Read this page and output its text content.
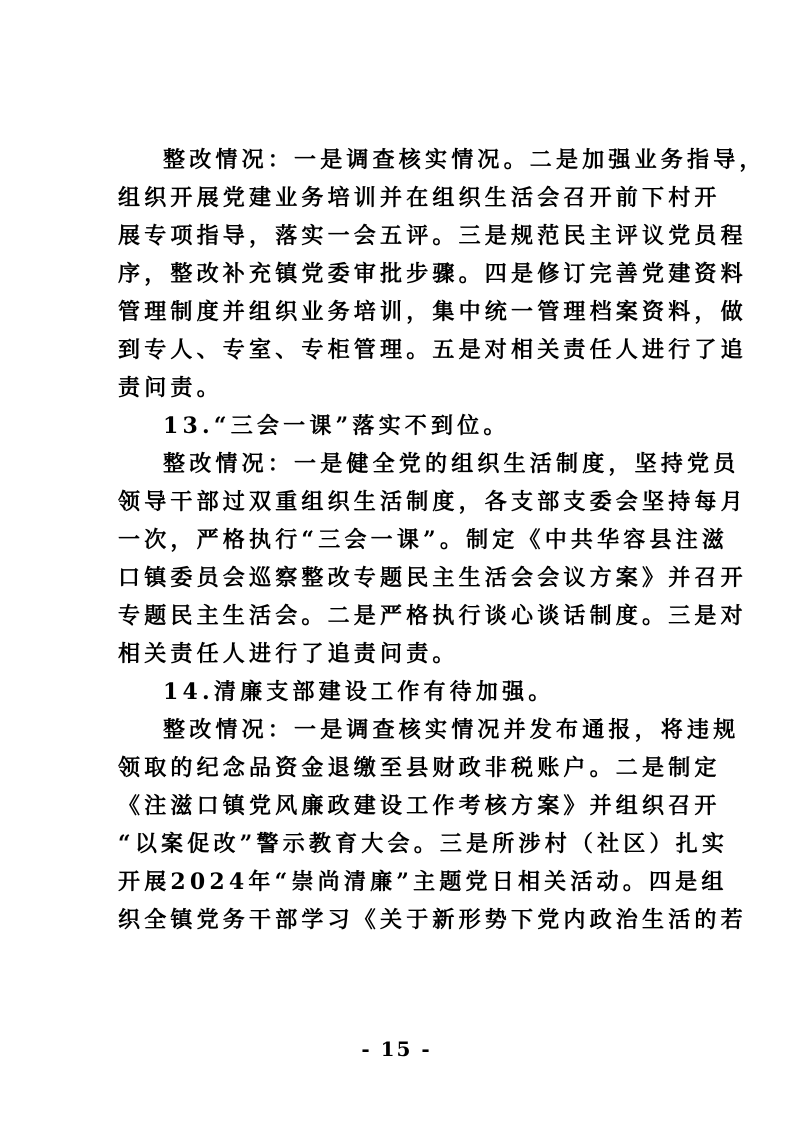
整改情况：一是调查核实情况。二是加强业务指导，
组织开展党建业务培训并在组织生活会召开前下村开
展专项指导，落实一会五评。三是规范民主评议党员程
序，整改补充镇党委审批步骤。四是修订完善党建资料
管理制度并组织业务培训，集中统一管理档案资料，做
到专人、专室、专柜管理。五是对相关责任人进行了追
责问责。
13.“三会一课”落实不到位。
整改情况：一是健全党的组织生活制度，坚持党员
领导干部过双重组织生活制度，各支部支委会坚持每月
一次，严格执行“三会一课”。制定《中共华容县注滋
口镇委员会巡察整改专题民主生活会会议方案》并召开
专题民主生活会。二是严格执行谈心谈话制度。三是对
相关责任人进行了追责问责。
14.清廉支部建设工作有待加强。
整改情况：一是调查核实情况并发布通报，将违规
领取的纪念品资金退缴至县财政非税账户。二是制定
《注滋口镇党风廉政建设工作考核方案》并组织召开
“以案促改”警示教育大会。三是所涉村（社区）扎实
开展2024年“崇尚清廉”主题党日相关活动。四是组
织全镇党务干部学习《关于新形势下党内政治生活的若
- 15 -
